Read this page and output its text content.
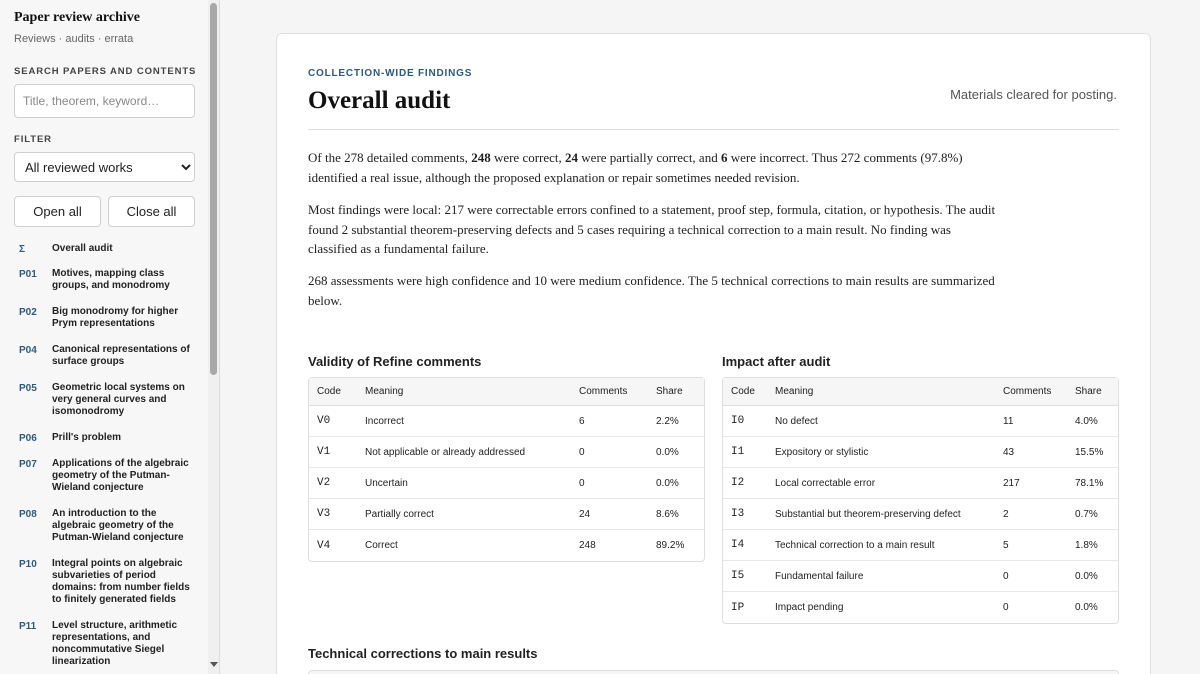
Paper review archive
Reviews · audits · errata
SEARCH PAPERS AND CONTENTS
Title, theorem, keyword…
FILTER
All reviewed works
Open all	Close all
Σ	Overall audit
P01	Motives, mapping class groups, and monodromy
P02	Big monodromy for higher Prym representations
P04	Canonical representations of surface groups
P05	Geometric local systems on very general curves and isomonodromy
P06	Prill's problem
P07	Applications of the algebraic geometry of the Putman-Wieland conjecture
P08	An introduction to the algebraic geometry of the Putman-Wieland conjecture
P10	Integral points on algebraic subvarieties of period domains: from number fields to finitely generated fields
P11	Level structure, arithmetic representations, and noncommutative Siegel linearization
COLLECTION-WIDE FINDINGS
Overall audit	Materials cleared for posting.

Of the 278 detailed comments, 248 were correct, 24 were partially correct, and 6 were incorrect. Thus 272 comments (97.8%) identified a real issue, although the proposed explanation or repair sometimes needed revision.

Most findings were local: 217 were correctable errors confined to a statement, proof step, formula, citation, or hypothesis. The audit found 2 substantial theorem-preserving defects and 5 cases requiring a technical correction to a main result. No finding was classified as a fundamental failure.

268 assessments were high confidence and 10 were medium confidence. The 5 technical corrections to main results are summarized below.

Validity of Refine comments
Code	Meaning	Comments	Share
V0	Incorrect	6	2.2%
V1	Not applicable or already addressed	0	0.0%
V2	Uncertain	0	0.0%
V3	Partially correct	24	8.6%
V4	Correct	248	89.2%
Impact after audit
Code	Meaning	Comments	Share
I0	No defect	11	4.0%
I1	Expository or stylistic	43	15.5%
I2	Local correctable error	217	78.1%
I3	Substantial but theorem-preserving defect	2	0.7%
I4	Technical correction to a main result	5	1.8%
I5	Fundamental failure	0	0.0%
IP	Impact pending	0	0.0%
Technical corrections to main results
